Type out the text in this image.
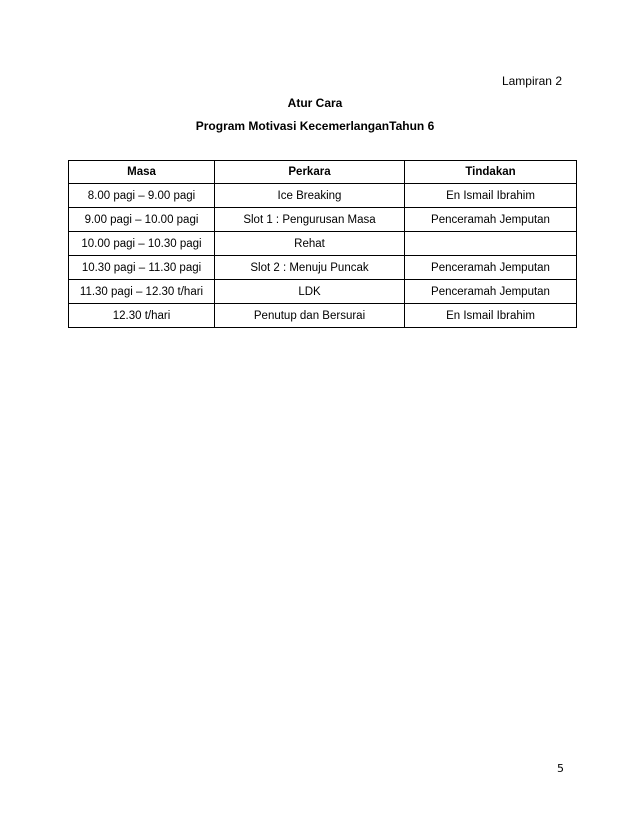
Lampiran 2
Atur Cara
Program Motivasi KecemerlanganTahun 6
Masa	Perkara	Tindakan
8.00 pagi – 9.00 pagi	Ice Breaking	En Ismail Ibrahim
9.00 pagi – 10.00 pagi	Slot 1 : Pengurusan Masa	Penceramah Jemputan
10.00 pagi – 10.30 pagi	Rehat	
10.30 pagi – 11.30 pagi	Slot 2 : Menuju Puncak	Penceramah Jemputan
11.30 pagi – 12.30 t/hari	LDK	Penceramah Jemputan
12.30 t/hari	Penutup dan Bersurai	En Ismail Ibrahim
5
